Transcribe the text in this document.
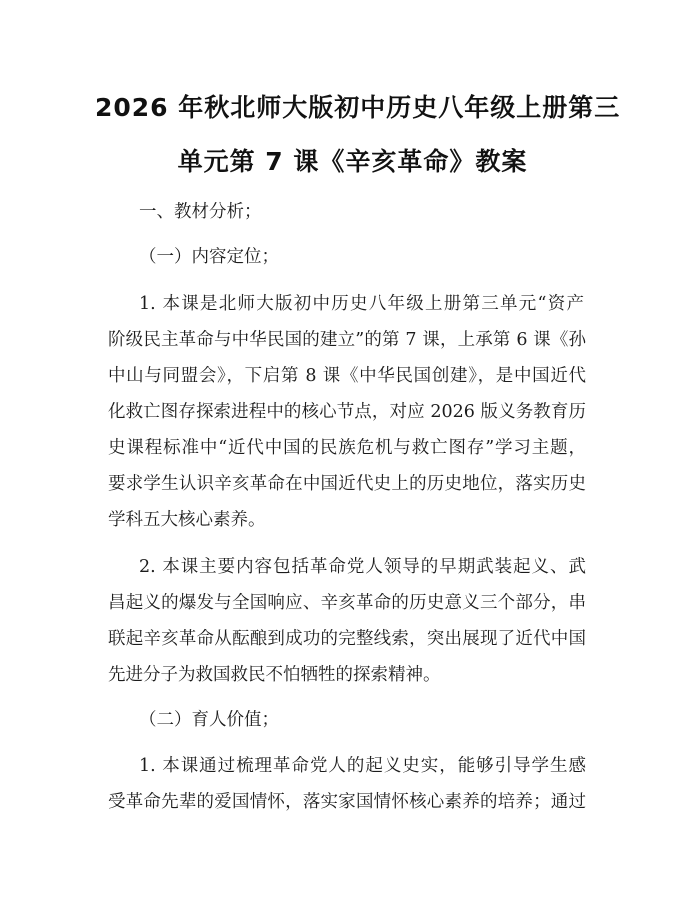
2026 年秋北师大版初中历史八年级上册第三
单元第 7 课《辛亥革命》教案
一、教材分析；
（一）内容定位；
1. 本课是北师大版初中历史八年级上册第三单元“资产
阶级民主革命与中华民国的建立”的第 7 课，上承第 6 课《孙
中山与同盟会》，下启第 8 课《中华民国创建》，是中国近代
化救亡图存探索进程中的核心节点，对应 2026 版义务教育历
史课程标准中“近代中国的民族危机与救亡图存”学习主题，
要求学生认识辛亥革命在中国近代史上的历史地位，落实历史
学科五大核心素养。
2. 本课主要内容包括革命党人领导的早期武装起义、武
昌起义的爆发与全国响应、辛亥革命的历史意义三个部分，串
联起辛亥革命从酝酿到成功的完整线索，突出展现了近代中国
先进分子为救国救民不怕牺牲的探索精神。
（二）育人价值；
1. 本课通过梳理革命党人的起义史实，能够引导学生感
受革命先辈的爱国情怀，落实家国情怀核心素养的培养；通过
